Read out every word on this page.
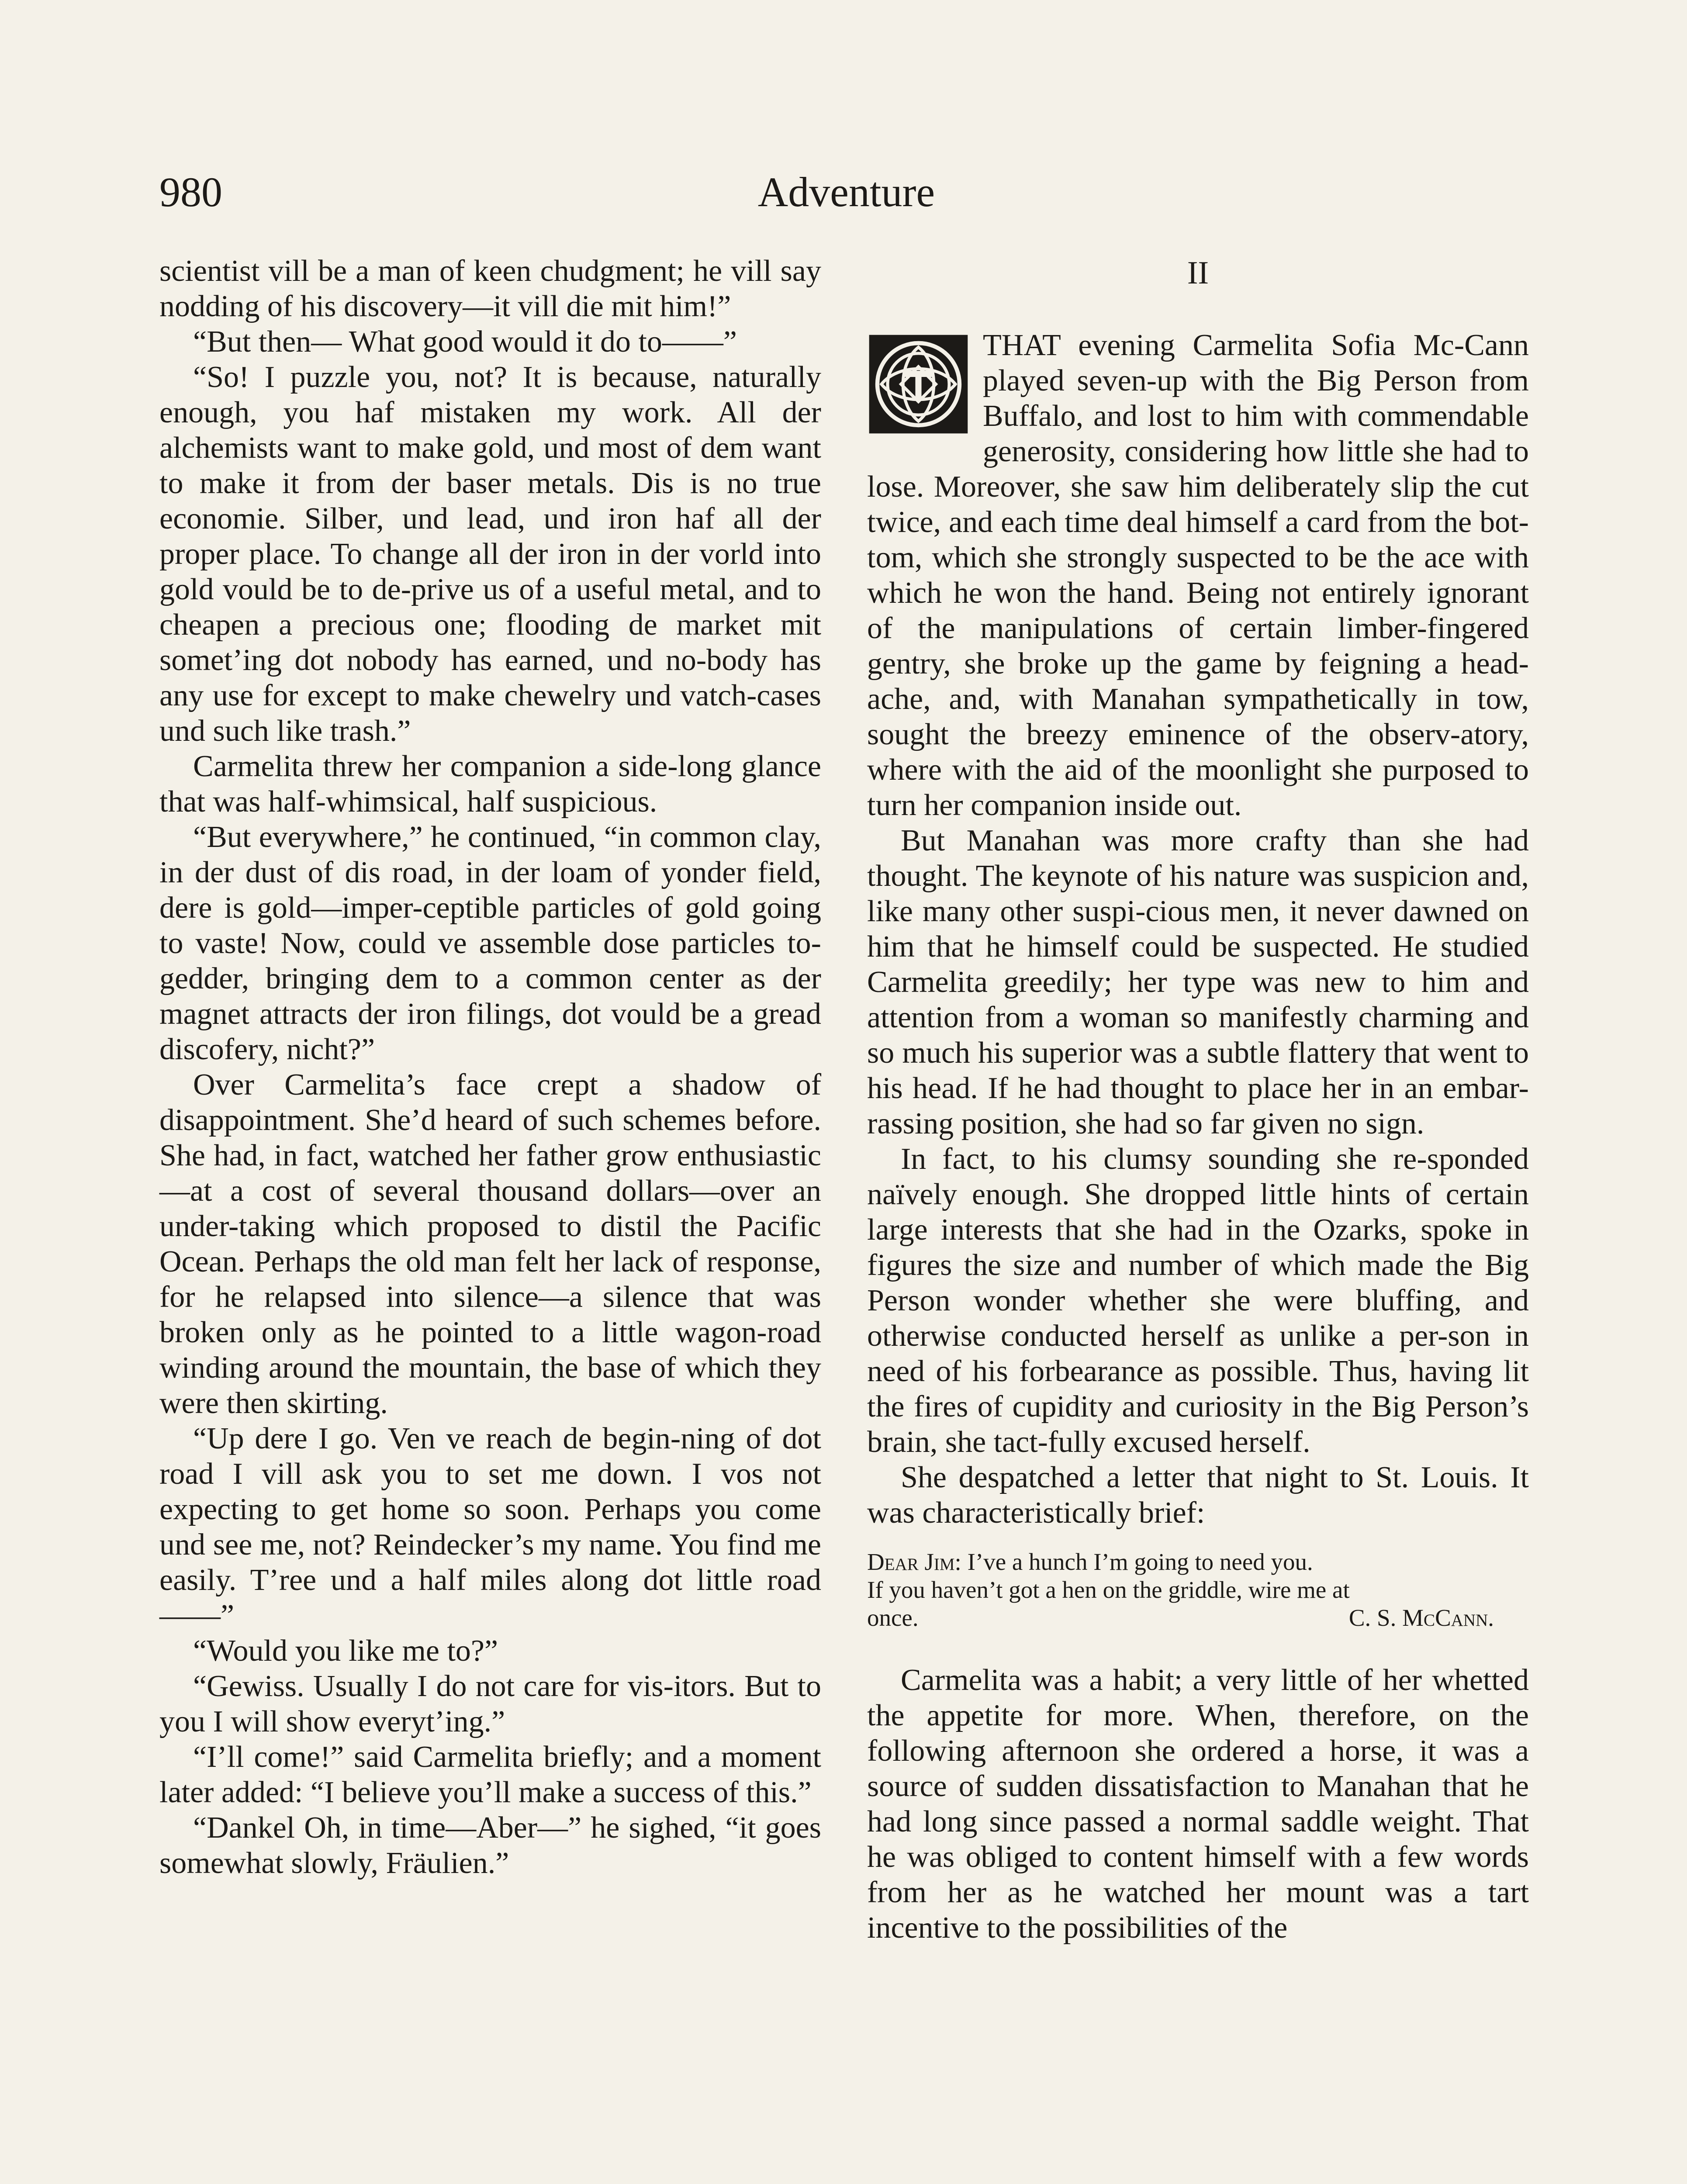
980	Adventure

scientist vill be a man of keen chudgment; he vill say nodding of his discovery—it vill die mit him!”

“But then— What good would it do to——”

“So! I puzzle you, not? It is because, naturally enough, you haf mistaken my work. All der alchemists want to make gold, und most of dem want to make it from der baser metals. Dis is no true economie. Silber, und lead, und iron haf all der proper place. To change all der iron in der vorld into gold vould be to de-prive us of a useful metal, and to cheapen a precious one; flooding de market mit somet’ing dot nobody has earned, und no-body has any use for except to make chewelry und vatch-cases und such like trash.”

Carmelita threw her companion a side-long glance that was half-whimsical, half suspicious.

“But everywhere,” he continued, “in common clay, in der dust of dis road, in der loam of yonder field, dere is gold—imper-ceptible particles of gold going to vaste! Now, could ve assemble dose particles to-gedder, bringing dem to a common center as der magnet attracts der iron filings, dot vould be a gread discofery, nicht?”

Over Carmelita’s face crept a shadow of disappointment. She’d heard of such schemes before. She had, in fact, watched her father grow enthusiastic—at a cost of several thousand dollars—over an under-taking which proposed to distil the Pacific Ocean. Perhaps the old man felt her lack of response, for he relapsed into silence—a silence that was broken only as he pointed to a little wagon-road winding around the mountain, the base of which they were then skirting.

“Up dere I go. Ven ve reach de begin-ning of dot road I vill ask you to set me down. I vos not expecting to get home so soon. Perhaps you come und see me, not? Reindecker’s my name. You find me easily. T’ree und a half miles along dot little road——”

“Would you like me to?”

“Gewiss. Usually I do not care for vis-itors. But to you I will show everyt’ing.”

“I’ll come!” said Carmelita briefly; and a moment later added: “I believe you’ll make a success of this.”

“Dankel Oh, in time—Aber—” he sighed, “it goes somewhat slowly, Fräulien.”

II

THAT evening Carmelita Sofia Mc-Cann played seven-up with the Big Person from Buffalo, and lost to him with commendable generosity, considering how little she had to lose. Moreover, she saw him deliberately slip the cut twice, and each time deal himself a card from the bot-tom, which she strongly suspected to be the ace with which he won the hand. Being not entirely ignorant of the manipulations of certain limber-fingered gentry, she broke up the game by feigning a head-ache, and, with Manahan sympathetically in tow, sought the breezy eminence of the observ-atory, where with the aid of the moonlight she purposed to turn her companion inside out.

But Manahan was more crafty than she had thought. The keynote of his nature was suspicion and, like many other suspi-cious men, it never dawned on him that he himself could be suspected. He studied Carmelita greedily; her type was new to him and attention from a woman so manifestly charming and so much his superior was a subtle flattery that went to his head. If he had thought to place her in an embar-rassing position, she had so far given no sign.

In fact, to his clumsy sounding she re-sponded naïvely enough. She dropped little hints of certain large interests that she had in the Ozarks, spoke in figures the size and number of which made the Big Person wonder whether she were bluffing, and otherwise conducted herself as unlike a per-son in need of his forbearance as possible. Thus, having lit the fires of cupidity and curiosity in the Big Person’s brain, she tact-fully excused herself.

She despatched a letter that night to St. Louis. It was characteristically brief:

Dear Jim: I’ve a hunch I’m going to need you.
If you haven’t got a hen on the griddle, wire me at
once.	C. S. McCann.

Carmelita was a habit; a very little of her whetted the appetite for more. When, therefore, on the following afternoon she ordered a horse, it was a source of sudden dissatisfaction to Manahan that he had long since passed a normal saddle weight. That he was obliged to content himself with a few words from her as he watched her mount was a tart incentive to the possibilities of the
